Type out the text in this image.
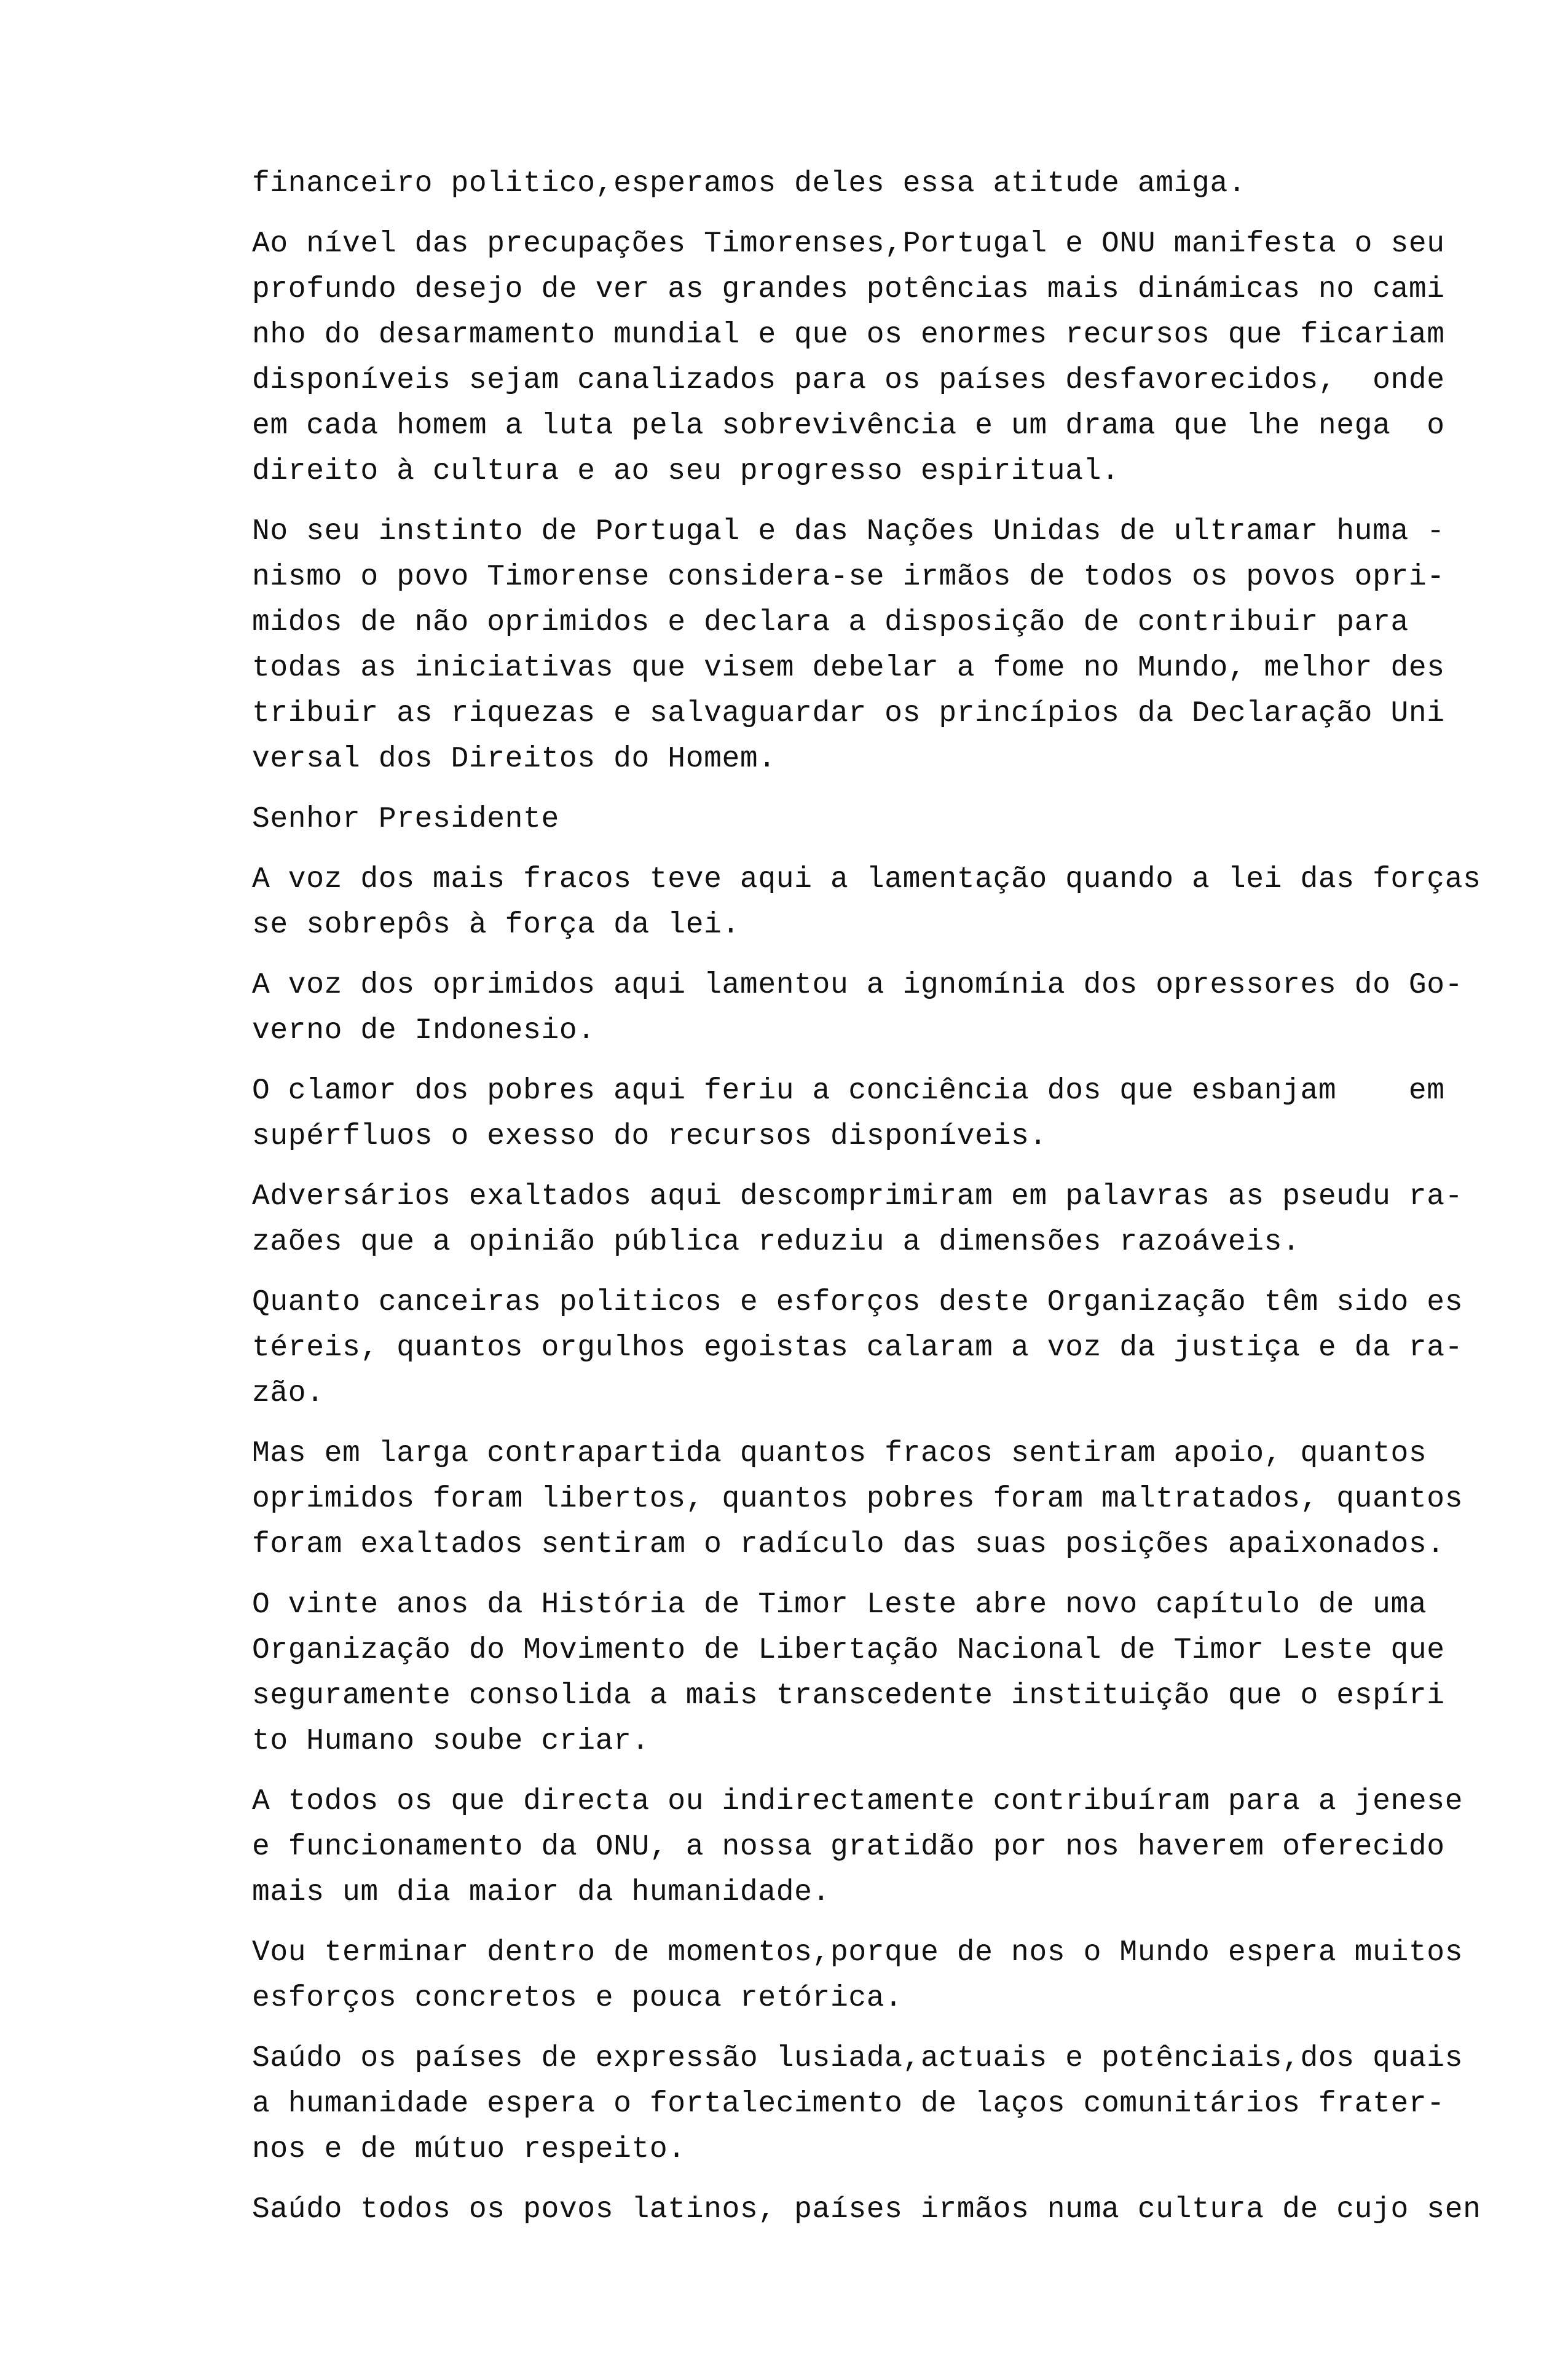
financeiro politico,esperamos deles essa atitude amiga.
Ao nível das precupações Timorenses,Portugal e ONU manifesta o seu
profundo desejo de ver as grandes potências mais dinámicas no cami
nho do desarmamento mundial e que os enormes recursos que ficariam
disponíveis sejam canalizados para os países desfavorecidos,  onde
em cada homem a luta pela sobrevivência e um drama que lhe nega  o
direito à cultura e ao seu progresso espiritual.
No seu instinto de Portugal e das Nações Unidas de ultramar huma -
nismo o povo Timorense considera-se irmãos de todos os povos opri-
midos de não oprimidos e declara a disposição de contribuir para
todas as iniciativas que visem debelar a fome no Mundo, melhor des
tribuir as riquezas e salvaguardar os princípios da Declaração Uni
versal dos Direitos do Homem.
Senhor Presidente
A voz dos mais fracos teve aqui a lamentação quando a lei das forças
se sobrepôs à força da lei.
A voz dos oprimidos aqui lamentou a ignomínia dos opressores do Go-
verno de Indonesio.
O clamor dos pobres aqui feriu a conciência dos que esbanjam    em
supérfluos o exesso do recursos disponíveis.
Adversários exaltados aqui descomprimiram em palavras as pseudu ra-
zaões que a opinião pública reduziu a dimensões razoáveis.
Quanto canceiras politicos e esforços deste Organização têm sido es
téreis, quantos orgulhos egoistas calaram a voz da justiça e da ra-
zão.
Mas em larga contrapartida quantos fracos sentiram apoio, quantos
oprimidos foram libertos, quantos pobres foram maltratados, quantos
foram exaltados sentiram o radículo das suas posições apaixonados.
O vinte anos da História de Timor Leste abre novo capítulo de uma
Organização do Movimento de Libertação Nacional de Timor Leste que
seguramente consolida a mais transcedente instituição que o espíri
to Humano soube criar.
A todos os que directa ou indirectamente contribuíram para a jenese
e funcionamento da ONU, a nossa gratidão por nos haverem oferecido
mais um dia maior da humanidade.
Vou terminar dentro de momentos,porque de nos o Mundo espera muitos
esforços concretos e pouca retórica.
Saúdo os países de expressão lusiada,actuais e potênciais,dos quais
a humanidade espera o fortalecimento de laços comunitários frater-
nos e de mútuo respeito.
Saúdo todos os povos latinos, países irmãos numa cultura de cujo sen
